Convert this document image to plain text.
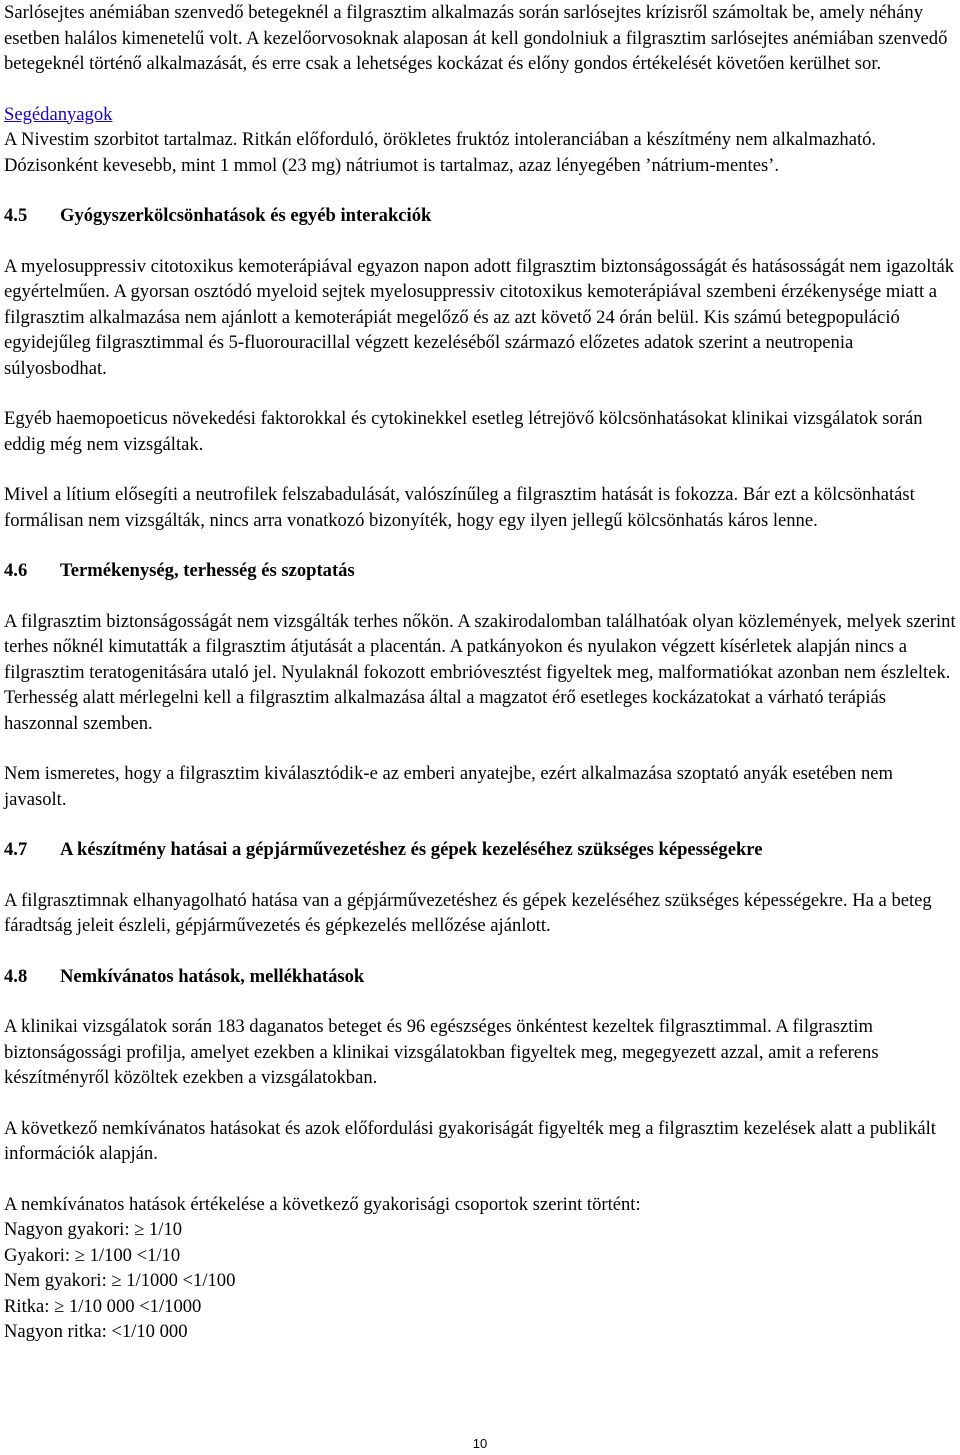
Sarlósejtes anémiában szenvedő betegeknél a filgrasztim alkalmazás során sarlósejtes krízisről számoltak be, amely néhány esetben halálos kimenetelű volt. A kezelőorvosoknak alaposan át kell gondolniuk a filgrasztim sarlósejtes anémiában szenvedő betegeknél történő alkalmazását, és erre csak a lehetséges kockázat és előny gondos értékelését követően kerülhet sor.

Segédanyagok

A Nivestim szorbitot tartalmaz. Ritkán előforduló, örökletes fruktóz intoleranciában a készítmény nem alkalmazható. Dózisonként kevesebb, mint 1 mmol (23 mg) nátriumot is tartalmaz, azaz lényegében ’nátrium-mentes’.

4.5	Gyógyszerkölcsönhatások és egyéb interakciók

A myelosuppressiv citotoxikus kemoterápiával egyazon napon adott filgrasztim biztonságosságát és hatásosságát nem igazolták egyértelműen. A gyorsan osztódó myeloid sejtek myelosuppressiv citotoxikus kemoterápiával szembeni érzékenysége miatt a filgrasztim alkalmazása nem ajánlott a kemoterápiát megelőző és az azt követő 24 órán belül. Kis számú betegpopuláció egyidejűleg filgrasztimmal és 5-fluorouracillal végzett kezeléséből származó előzetes adatok szerint a neutropenia súlyosbodhat.

Egyéb haemopoeticus növekedési faktorokkal és cytokinekkel esetleg létrejövő kölcsönhatásokat klinikai vizsgálatok során eddig még nem vizsgáltak.

Mivel a lítium elősegíti a neutrofilek felszabadulását, valószínűleg a filgrasztim hatását is fokozza. Bár ezt a kölcsönhatást formálisan nem vizsgálták, nincs arra vonatkozó bizonyíték, hogy egy ilyen jellegű kölcsönhatás káros lenne.

4.6	Termékenység, terhesség és szoptatás

A filgrasztim biztonságosságát nem vizsgálták terhes nőkön. A szakirodalomban találhatóak olyan közlemények, melyek szerint terhes nőknél kimutatták a filgrasztim átjutását a placentán. A patkányokon és nyulakon végzett kísérletek alapján nincs a filgrasztim teratogenitására utaló jel. Nyulaknál fokozott embrióvesztést figyeltek meg, malformatiókat azonban nem észleltek. Terhesség alatt mérlegelni kell a filgrasztim alkalmazása által a magzatot érő esetleges kockázatokat a várható terápiás haszonnal szemben.

Nem ismeretes, hogy a filgrasztim kiválasztódik-e az emberi anyatejbe, ezért alkalmazása szoptató anyák esetében nem javasolt.

4.7	A készítmény hatásai a gépjárművezetéshez és gépek kezeléséhez szükséges képességekre

A filgrasztimnak elhanyagolható hatása van a gépjárművezetéshez és gépek kezeléséhez szükséges képességekre. Ha a beteg fáradtság jeleit észleli, gépjárművezetés és gépkezelés mellőzése ajánlott.

4.8	Nemkívánatos hatások, mellékhatások

A klinikai vizsgálatok során 183 daganatos beteget és 96 egészséges önkéntest kezeltek filgrasztimmal. A filgrasztim biztonságossági profilja, amelyet ezekben a klinikai vizsgálatokban figyeltek meg, megegyezett azzal, amit a referens készítményről közöltek ezekben a vizsgálatokban.

A következő nemkívánatos hatásokat és azok előfordulási gyakoriságát figyelték meg a filgrasztim kezelések alatt a publikált információk alapján.

A nemkívánatos hatások értékelése a következő gyakorisági csoportok szerint történt:

Nagyon gyakori: ≥ 1/10

Gyakori: ≥ 1/100 <1/10

Nem gyakori: ≥ 1/1000 <1/100

Ritka: ≥ 1/10 000 <1/1000

Nagyon ritka: <1/10 000

10
